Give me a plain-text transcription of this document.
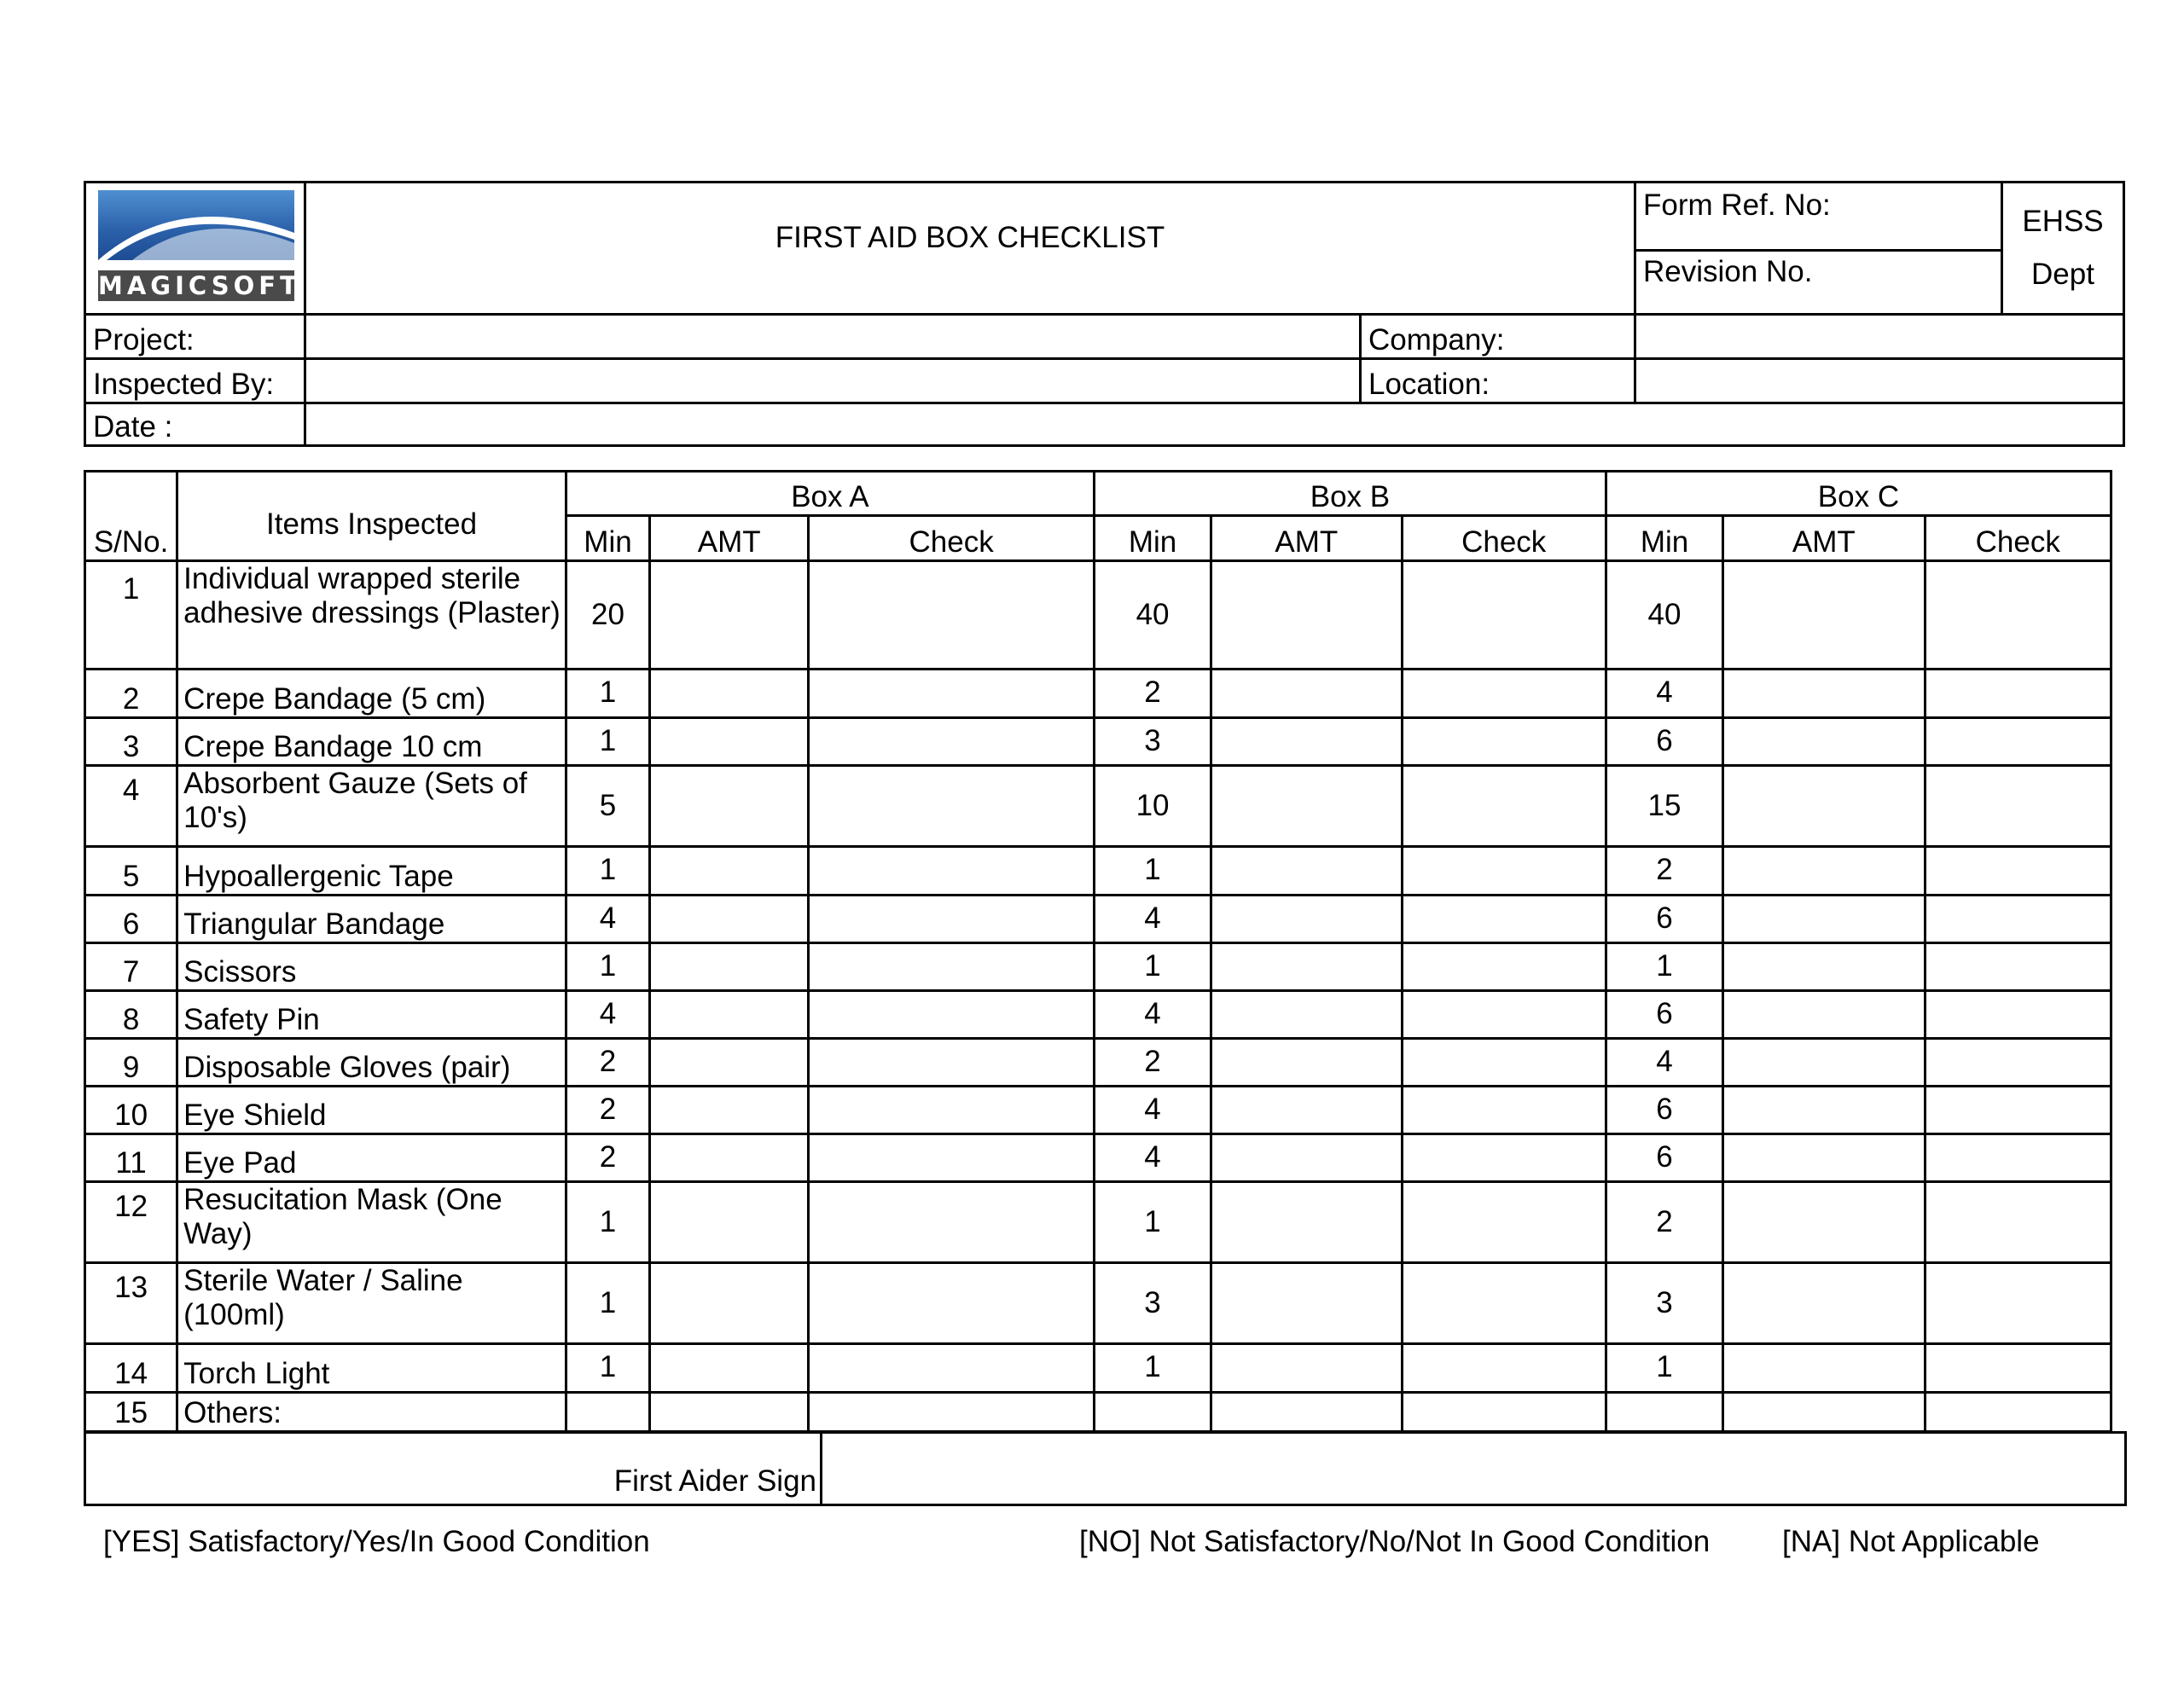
MAGICSOFT	FIRST AID BOX CHECKLIST		Form Ref. No:	EHSS
Dept

			Revision No.	
Project:		Company:		
Inspected By:		Location:		
Date :				
S/No.	Items Inspected	Box A			Box B			Box C		
		Min	AMT	Check	Min	AMT	Check	Min	AMT	Check
1	Individual wrapped sterile adhesive dressings (Plaster)	20			40			40		
2	Crepe Bandage (5 cm)	1			2			4		
3	Crepe Bandage 10 cm	1			3			6		
4	Absorbent Gauze (Sets of 10's)	5			10			15		
5	Hypoallergenic Tape	1			1			2		
6	Triangular Bandage	4			4			6		
7	Scissors	1			1			1		
8	Safety Pin	4			4			6		
9	Disposable Gloves (pair)	2			2			4		
10	Eye Shield	2			4			6		
11	Eye Pad	2			4			6		
12	Resucitation Mask (One Way)	1			1			2		
13	Sterile Water / Saline (100ml)	1			3			3		
14	Torch Light	1			1			1		
15	Others:									
First Aider Sign	
[YES] Satisfactory/Yes/In Good Condition	[NO] Not Satisfactory/No/Not In Good Condition [NA] Not Applicable
